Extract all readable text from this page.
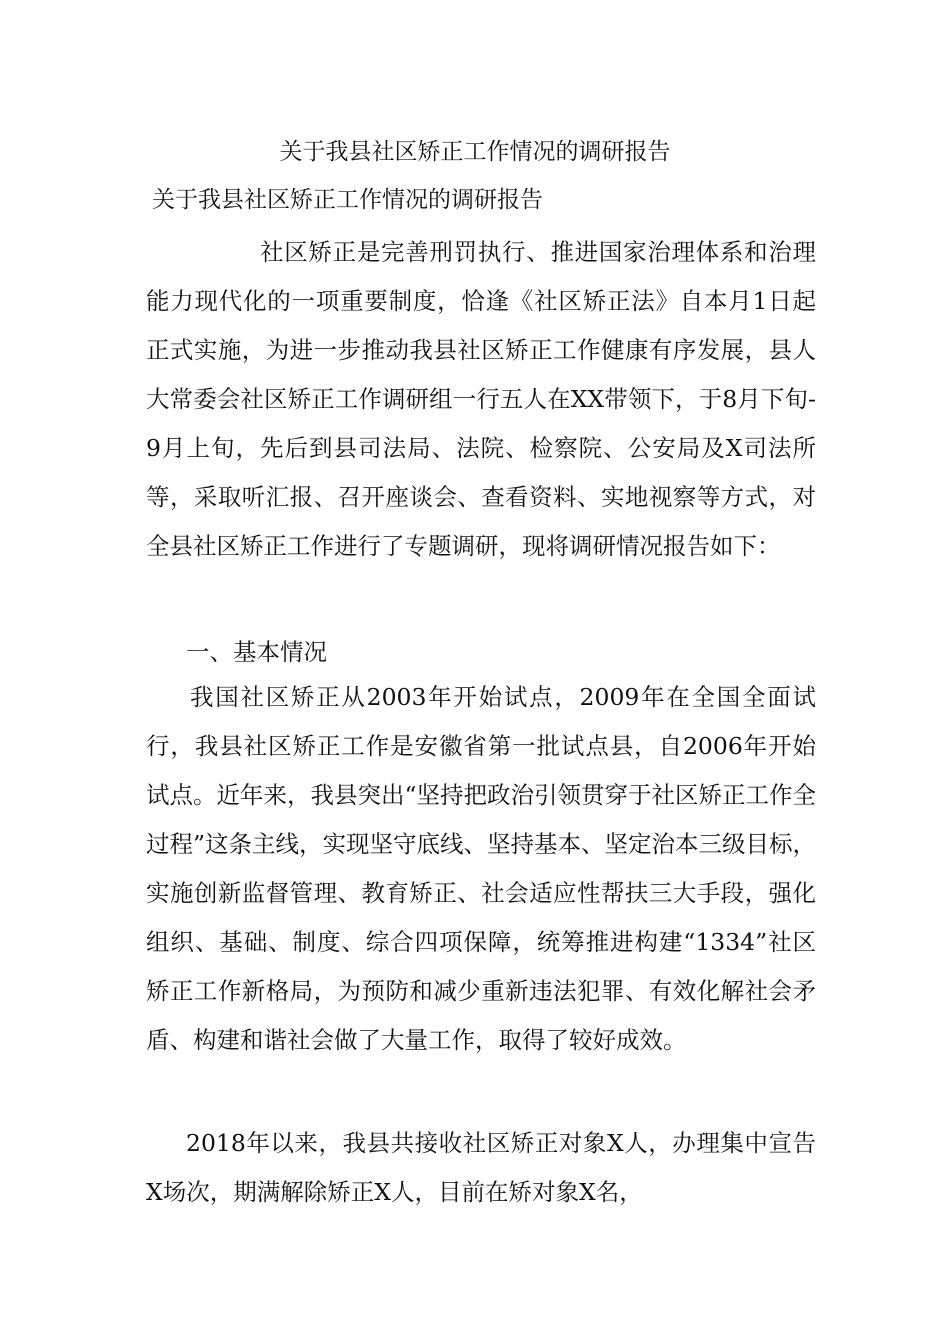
关于我县社区矫正工作情况的调研报告
关于我县社区矫正工作情况的调研报告

社区矫正是完善刑罚执行、推进国家治理体系和治理能力现代化的一项重要制度，恰逢《社区矫正法》自本月1日起正式实施，为进一步推动我县社区矫正工作健康有序发展，县人大常委会社区矫正工作调研组一行五人在XX带领下，于8月下旬-9月上旬，先后到县司法局、法院、检察院、公安局及X司法所等，采取听汇报、召开座谈会、查看资料、实地视察等方式，对全县社区矫正工作进行了专题调研，现将调研情况报告如下：

一、基本情况

我国社区矫正从2003年开始试点，2009年在全国全面试行，我县社区矫正工作是安徽省第一批试点县，自2006年开始试点。近年来，我县突出“坚持把政治引领贯穿于社区矫正工作全过程”这条主线，实现坚守底线、坚持基本、坚定治本三级目标，实施创新监督管理、教育矫正、社会适应性帮扶三大手段，强化组织、基础、制度、综合四项保障，统筹推进构建“1334”社区矫正工作新格局，为预防和减少重新违法犯罪、有效化解社会矛盾、构建和谐社会做了大量工作，取得了较好成效。

2018年以来，我县共接收社区矫正对象X人，办理集中宣告X场次，期满解除矫正X人，目前在矫对象X名，
